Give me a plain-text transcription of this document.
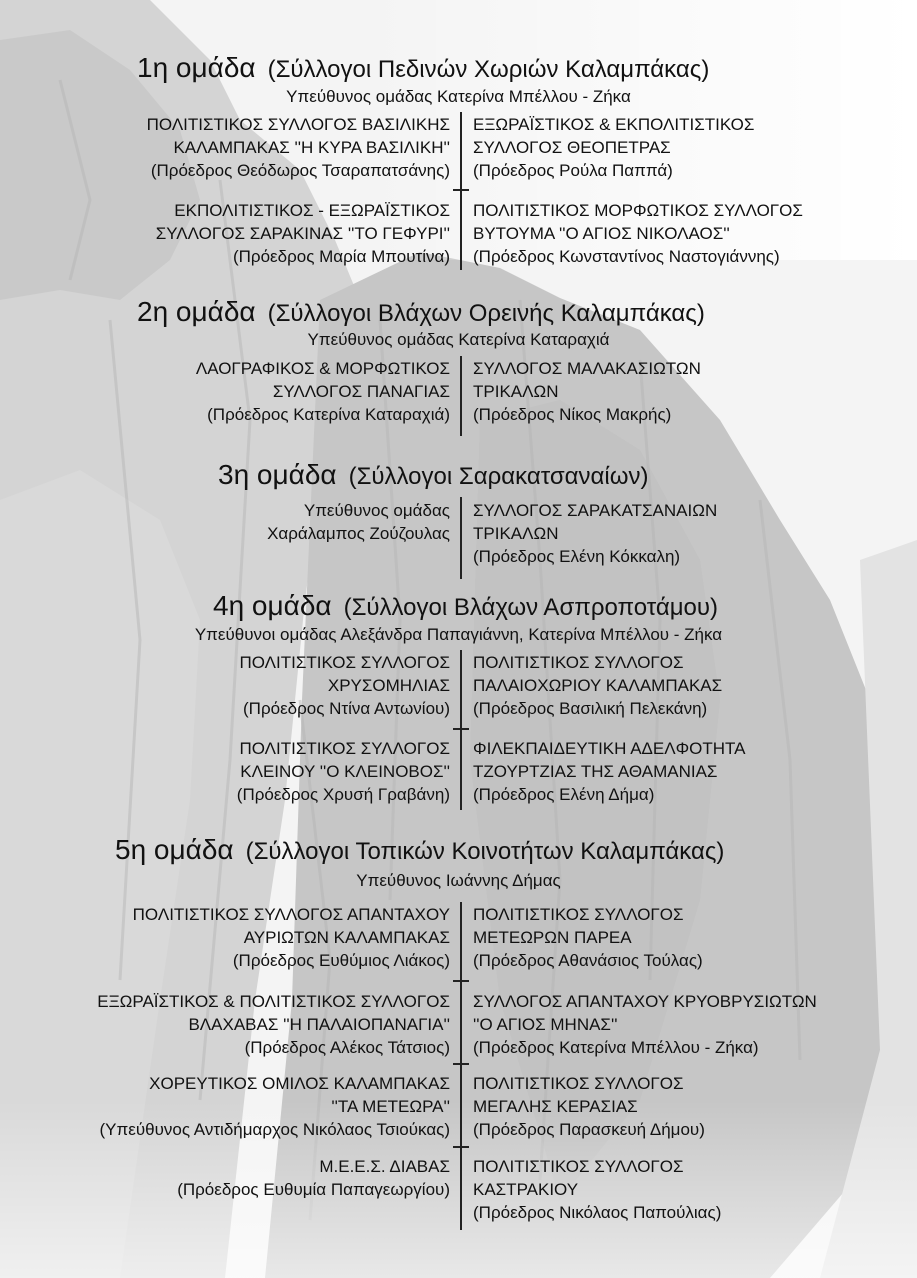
1η ομάδα (Σύλλογοι Πεδινών Χωριών Καλαμπάκας)
Υπεύθυνος ομάδας Κατερίνα Μπέλλου - Ζήκα
ΠΟΛΙΤΙΣΤΙΚΟΣ ΣΥΛΛΟΓΟΣ ΒΑΣΙΛΙΚΗΣ
ΚΑΛΑΜΠΑΚΑΣ ''Η ΚΥΡΑ ΒΑΣΙΛΙΚΗ''
(Πρόεδρος Θεόδωρος Τσαραπατσάνης)
ΕΞΩΡΑΪΣΤΙΚΟΣ & ΕΚΠΟΛΙΤΙΣΤΙΚΟΣ
ΣΥΛΛΟΓΟΣ ΘΕΟΠΕΤΡΑΣ
(Πρόεδρος Ρούλα Παππά)
ΕΚΠΟΛΙΤΙΣΤΙΚΟΣ - ΕΞΩΡΑΪΣΤΙΚΟΣ
ΣΥΛΛΟΓΟΣ ΣΑΡΑΚΙΝΑΣ ''ΤΟ ΓΕΦΥΡΙ''
(Πρόεδρος Μαρία Μπουτίνα)
ΠΟΛΙΤΙΣΤΙΚΟΣ ΜΟΡΦΩΤΙΚΟΣ ΣΥΛΛΟΓΟΣ
ΒΥΤΟΥΜΑ ''Ο ΑΓΙΟΣ ΝΙΚΟΛΑΟΣ''
(Πρόεδρος Κωνσταντίνος Ναστογιάννης)
2η ομάδα (Σύλλογοι Βλάχων Ορεινής Καλαμπάκας)
Υπεύθυνος ομάδας Κατερίνα Καταραχιά
ΛΑΟΓΡΑΦΙΚΟΣ & ΜΟΡΦΩΤΙΚΟΣ
ΣΥΛΛΟΓΟΣ ΠΑΝΑΓΙΑΣ
(Πρόεδρος Κατερίνα Καταραχιά)
ΣΥΛΛΟΓΟΣ ΜΑΛΑΚΑΣΙΩΤΩΝ
ΤΡΙΚΑΛΩΝ
(Πρόεδρος Νίκος Μακρής)
3η ομάδα (Σύλλογοι Σαρακατσαναίων)
Υπεύθυνος ομάδας
Χαράλαμπος Ζούζουλας
ΣΥΛΛΟΓΟΣ ΣΑΡΑΚΑΤΣΑΝΑΙΩΝ
ΤΡΙΚΑΛΩΝ
(Πρόεδρος Ελένη Κόκκαλη)
4η ομάδα (Σύλλογοι Βλάχων Ασπροποτάμου)
Υπεύθυνοι ομάδας Αλεξάνδρα Παπαγιάννη, Κατερίνα Μπέλλου - Ζήκα
ΠΟΛΙΤΙΣΤΙΚΟΣ ΣΥΛΛΟΓΟΣ
ΧΡΥΣΟΜΗΛΙΑΣ
(Πρόεδρος Ντίνα Αντωνίου)
ΠΟΛΙΤΙΣΤΙΚΟΣ ΣΥΛΛΟΓΟΣ
ΠΑΛΑΙΟΧΩΡΙΟΥ ΚΑΛΑΜΠΑΚΑΣ
(Πρόεδρος Βασιλική Πελεκάνη)
ΠΟΛΙΤΙΣΤΙΚΟΣ ΣΥΛΛΟΓΟΣ
ΚΛΕΙΝΟΥ ''Ο ΚΛΕΙΝΟΒΟΣ''
(Πρόεδρος Χρυσή Γραβάνη)
ΦΙΛΕΚΠΑΙΔΕΥΤΙΚΗ ΑΔΕΛΦΟΤΗΤΑ
ΤΖΟΥΡΤΖΙΑΣ ΤΗΣ ΑΘΑΜΑΝΙΑΣ
(Πρόεδρος Ελένη Δήμα)
5η ομάδα (Σύλλογοι Τοπικών Κοινοτήτων Καλαμπάκας)
Υπεύθυνος Ιωάννης Δήμας
ΠΟΛΙΤΙΣΤΙΚΟΣ ΣΥΛΛΟΓΟΣ ΑΠΑΝΤΑΧΟΥ
ΑΥΡΙΩΤΩΝ ΚΑΛΑΜΠΑΚΑΣ
(Πρόεδρος Ευθύμιος Λιάκος)
ΠΟΛΙΤΙΣΤΙΚΟΣ ΣΥΛΛΟΓΟΣ
ΜΕΤΕΩΡΩΝ ΠΑΡΕΑ
(Πρόεδρος Αθανάσιος Τούλας)
ΕΞΩΡΑΪΣΤΙΚΟΣ & ΠΟΛΙΤΙΣΤΙΚΟΣ ΣΥΛΛΟΓΟΣ
ΒΛΑΧΑΒΑΣ ''Η ΠΑΛΑΙΟΠΑΝΑΓΙΑ''
(Πρόεδρος Αλέκος Τάτσιος)
ΣΥΛΛΟΓΟΣ ΑΠΑΝΤΑΧΟΥ ΚΡΥΟΒΡΥΣΙΩΤΩΝ
''Ο ΑΓΙΟΣ ΜΗΝΑΣ''
(Πρόεδρος Κατερίνα Μπέλλου - Ζήκα)
ΧΟΡΕΥΤΙΚΟΣ ΟΜΙΛΟΣ ΚΑΛΑΜΠΑΚΑΣ
''ΤΑ ΜΕΤΕΩΡΑ''
(Υπεύθυνος Αντιδήμαρχος Νικόλαος Τσιούκας)
ΠΟΛΙΤΙΣΤΙΚΟΣ ΣΥΛΛΟΓΟΣ
ΜΕΓΑΛΗΣ ΚΕΡΑΣΙΑΣ
(Πρόεδρος Παρασκευή Δήμου)
Μ.Ε.Ε.Σ. ΔΙΑΒΑΣ
(Πρόεδρος Ευθυμία Παπαγεωργίου)
ΠΟΛΙΤΙΣΤΙΚΟΣ ΣΥΛΛΟΓΟΣ
ΚΑΣΤΡΑΚΙΟΥ
(Πρόεδρος Νικόλαος Παπούλιας)
